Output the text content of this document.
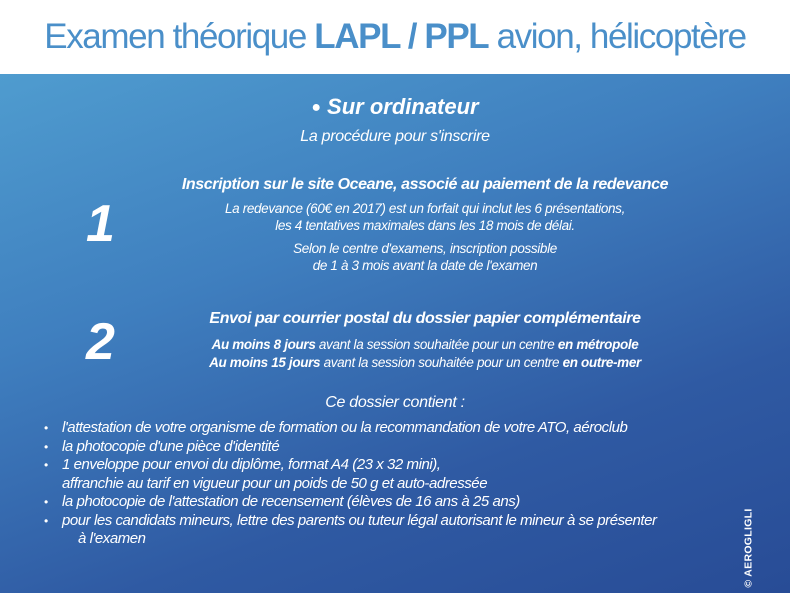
Examen théorique LAPL / PPL avion, hélicoptère
● Sur ordinateur
La procédure pour s'inscrire
1
Inscription sur le site Oceane, associé au paiement de la redevance
La redevance (60€ en 2017) est un forfait qui inclut les 6 présentations,
les 4 tentatives maximales dans les 18 mois de délai.
Selon le centre d'examens, inscription possible
de 1 à 3 mois avant la date de l'examen
2	Envoi par courrier postal du dossier papier complémentaire
Au moins 8 jours avant la session souhaitée pour un centre en métropole
Au moins 15 jours avant la session souhaitée pour un centre en outre-mer
Ce dossier contient :
• l'attestation de votre organisme de formation ou la recommandation de votre ATO, aéroclub
• la photocopie d'une pièce d'identité
• 1 enveloppe pour envoi du diplôme, format A4 (23 x 32 mini),
affranchie au tarif en vigueur pour un poids de 50 g et auto-adressée
• la photocopie de l'attestation de recensement (élèves de 16 ans à 25 ans)
• pour les candidats mineurs, lettre des parents ou tuteur légal autorisant le mineur à se présenter
à l'examen	© AEROGLIGLI
